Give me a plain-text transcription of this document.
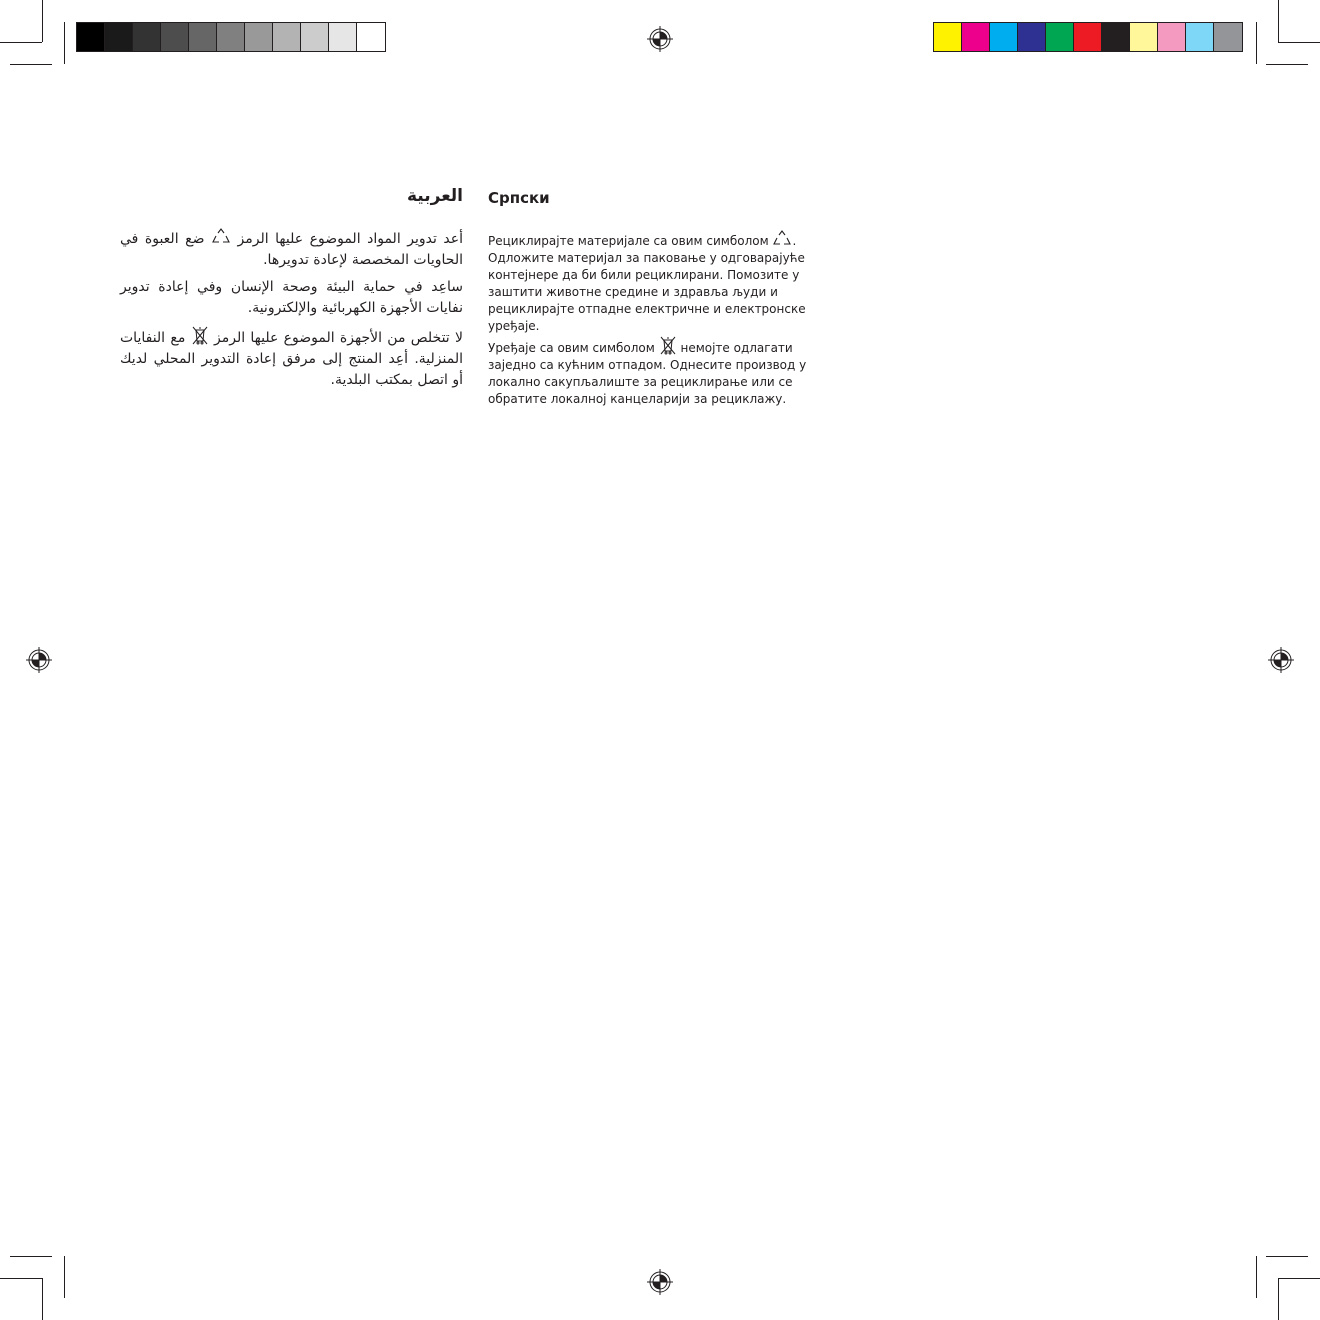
العربية

أعد تدوير المواد الموضوع عليها الرمز
ضع العبوة في الحاويات المخصصة لإعادة تدويرها.

ساعِد في حماية البيئة وصحة الإنسان وفي إعادة تدوير نفايات الأجهزة الكهربائية والإلكترونية.

لا تتخلص من الأجهزة الموضوع عليها الرمز
مع النفايات المنزلية. أعِد المنتج إلى مرفق إعادة التدوير المحلي لديك أو اتصل بمكتب البلدية.

Српски

Рециклирајте материјале са овим симболом . Одложите материјал за паковање у одговарајуће контејнере да би били рециклирани. Помозите у заштити животне средине и здравља људи и рециклирајте отпадне електричне и електронске уређаје.

Уређаје са овим симболом немојте одлагати заједно са кућним отпадом. Однесите производ у локално сакупљалиште за рециклирање или се обратите локалној канцеларији за рециклажу.
